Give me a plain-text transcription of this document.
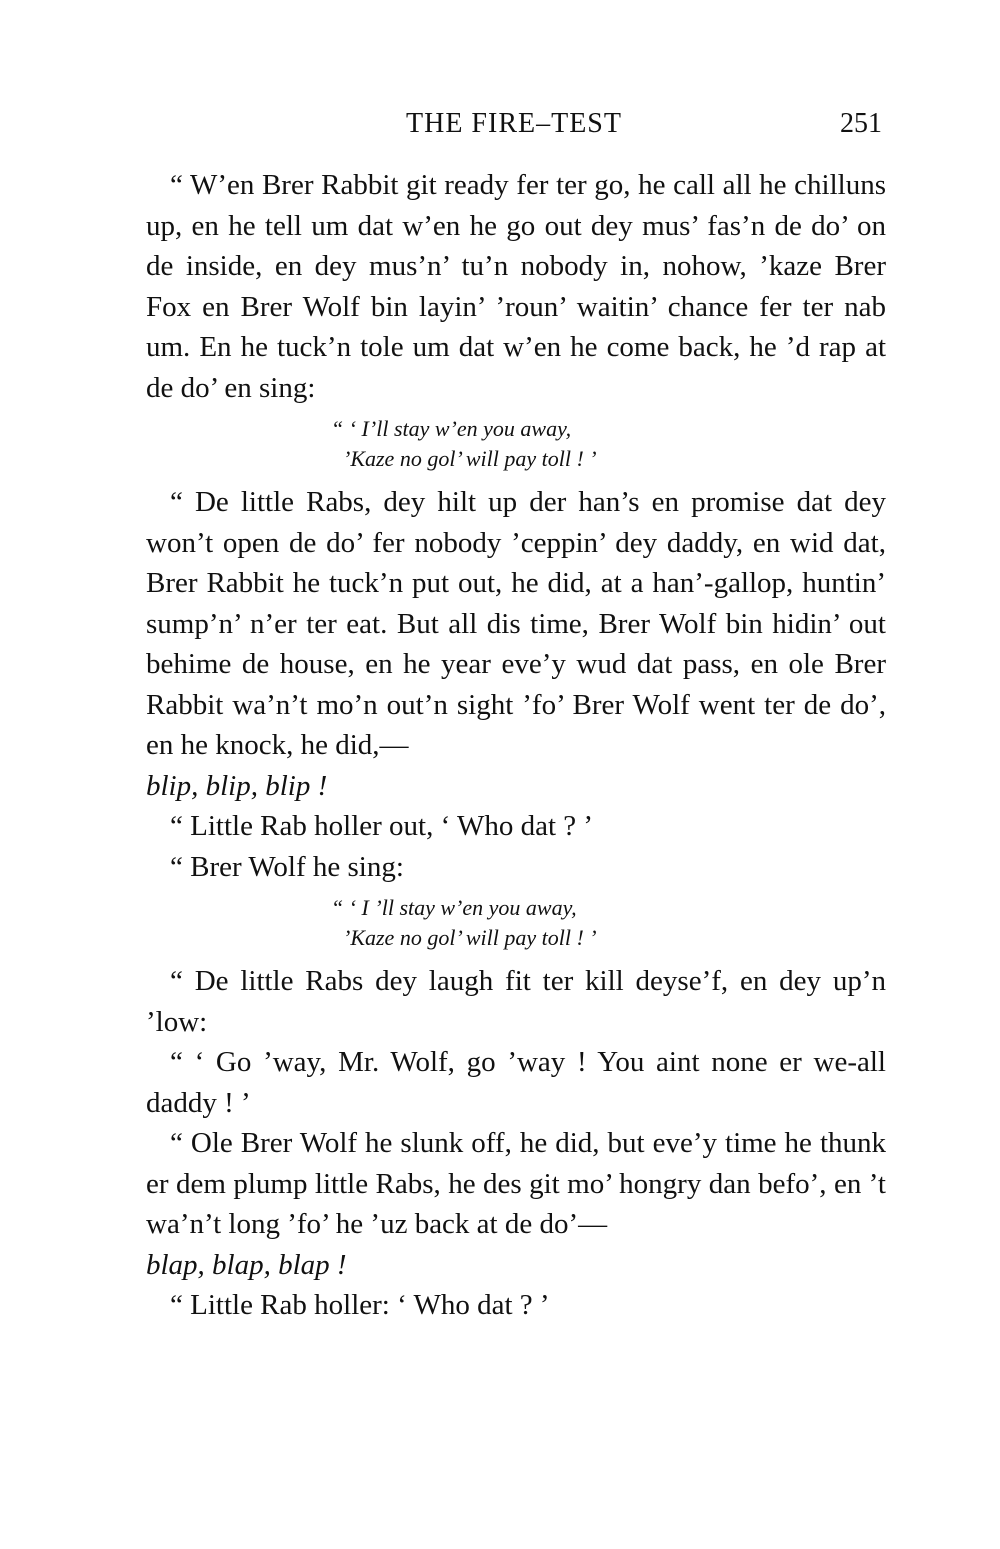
THE FIRE–TEST	251

“ W’en Brer Rabbit git ready fer ter go, he call all he chilluns up, en he tell um dat w’en he go out dey mus’ fas’n de do’ on de inside, en dey mus’n’ tu’n nobody in, nohow, ’kaze Brer Fox en Brer Wolf bin layin’ ’roun’ waitin’ chance fer ter nab um. En he tuck’n tole um dat w’en he come back, he ’d rap at de do’ en sing:

“ ‘ I’ll stay w’en you away,
’Kaze no gol’ will pay toll ! ’

“ De little Rabs, dey hilt up der han’s en promise dat dey won’t open de do’ fer nobody ’ceppin’ dey daddy, en wid dat, Brer Rabbit he tuck’n put out, he did, at a han’-gallop, huntin’ sump’n’ n’er ter eat. But all dis time, Brer Wolf bin hidin’ out behime de house, en he year eve’y wud dat pass, en ole Brer Rabbit wa’n’t mo’n out’n sight ’fo’ Brer Wolf went ter de do’, en he knock, he did,—

blip, blip, blip !

“ Little Rab holler out, ‘ Who dat ? ’

“ Brer Wolf he sing:

“ ‘ I ’ll stay w’en you away,
’Kaze no gol’ will pay toll ! ’

“ De little Rabs dey laugh fit ter kill deyse’f, en dey up’n ’low:

“ ‘ Go ’way, Mr. Wolf, go ’way ! You aint none er we-all daddy ! ’

“ Ole Brer Wolf he slunk off, he did, but eve’y time he thunk er dem plump little Rabs, he des git mo’ hongry dan befo’, en ’t wa’n’t long ’fo’ he ’uz back at de do’—

blap, blap, blap !

“ Little Rab holler: ‘ Who dat ? ’
